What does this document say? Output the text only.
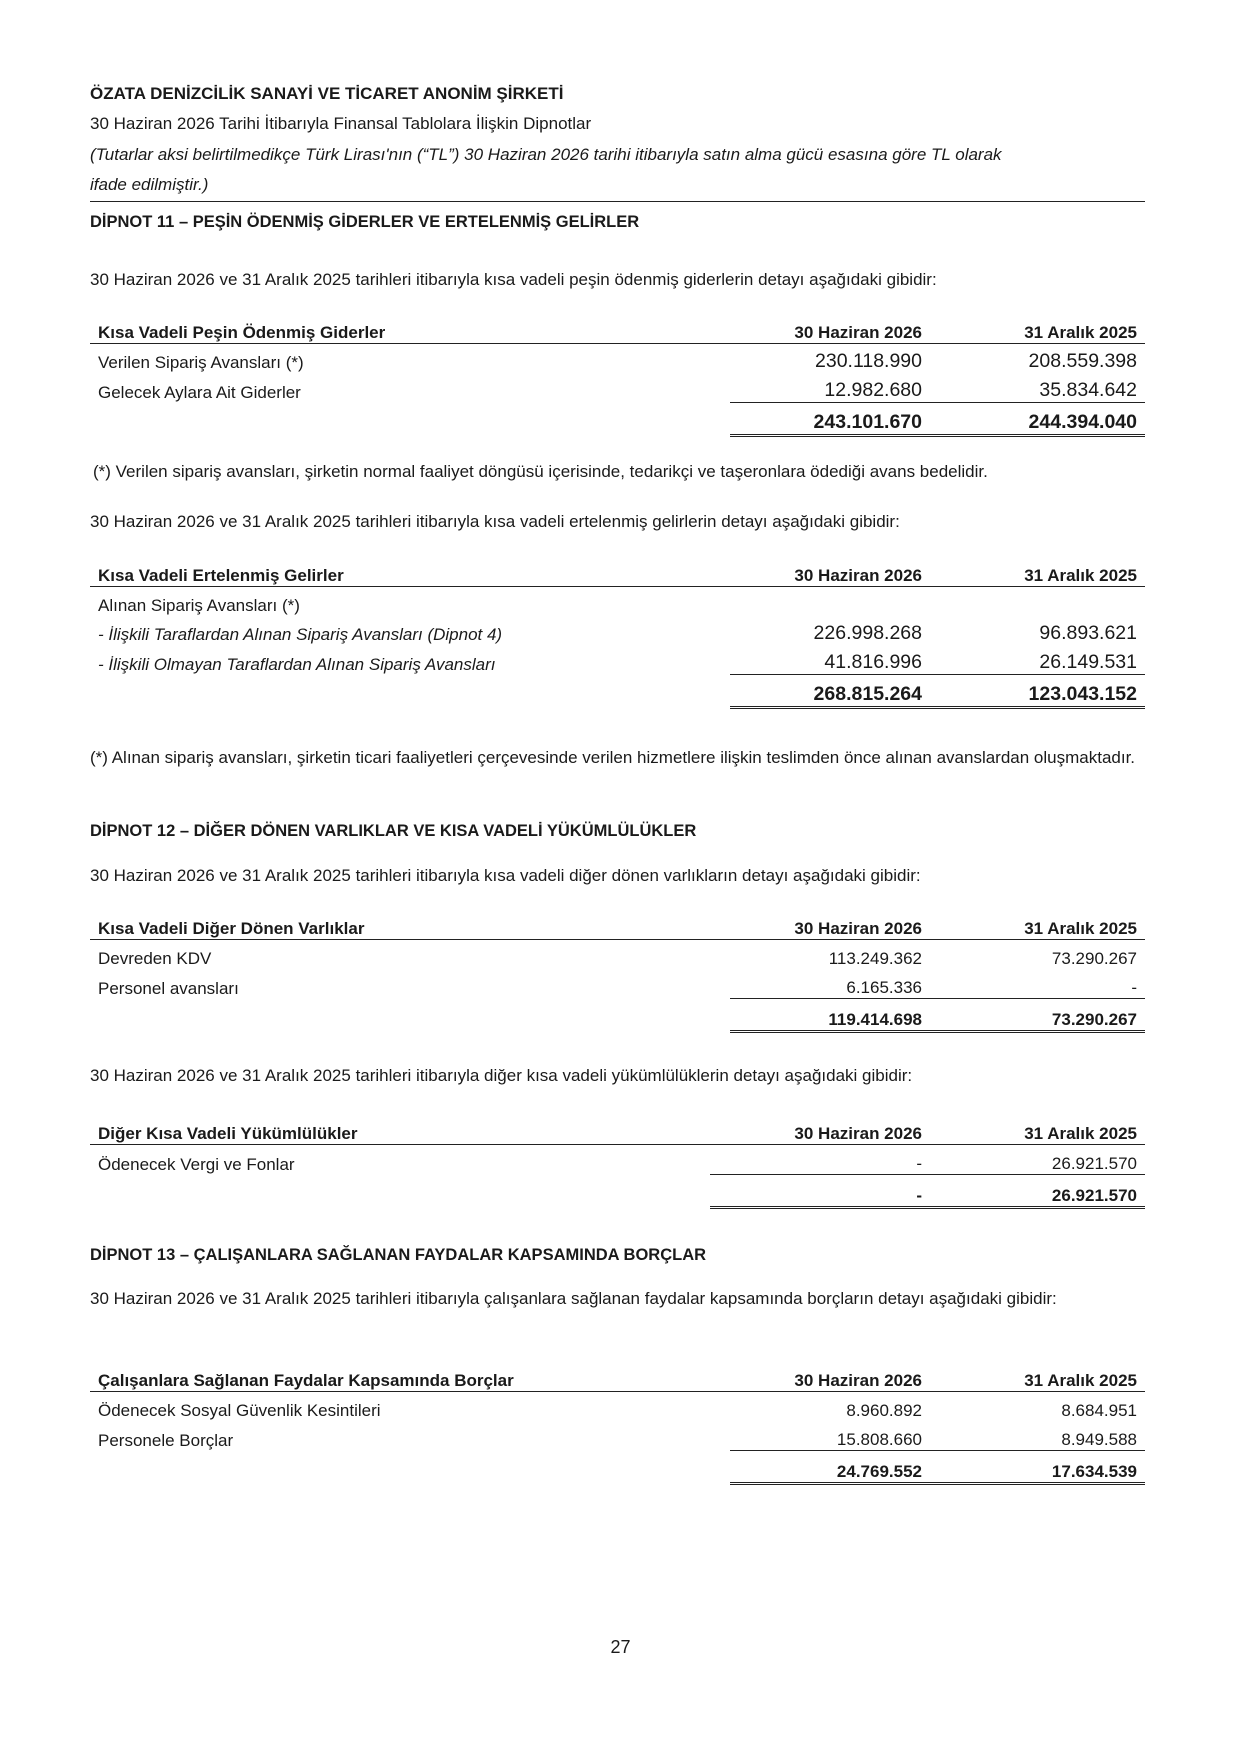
ÖZATA DENİZCİLİK SANAYİ VE TİCARET ANONİM ŞİRKETİ
30 Haziran 2026 Tarihi İtibarıyla Finansal Tablolara İlişkin Dipnotlar
(Tutarlar aksi belirtilmedikçe Türk Lirası'nın (“TL”) 30 Haziran 2026 tarihi itibarıyla satın alma gücü esasına göre TL olarak
ifade edilmiştir.)
DİPNOT 11 – PEŞİN ÖDENMİŞ GİDERLER VE ERTELENMİŞ GELİRLER
30 Haziran 2026 ve 31 Aralık 2025 tarihleri itibarıyla kısa vadeli peşin ödenmiş giderlerin detayı aşağıdaki gibidir:
Kısa Vadeli Peşin Ödenmiş Giderler	30 Haziran 2026	31 Aralık 2025
Verilen Sipariş Avansları (*)	230.118.990	208.559.398
Gelecek Aylara Ait Giderler	12.982.680	35.834.642
	243.101.670	244.394.040
(*) Verilen sipariş avansları, şirketin normal faaliyet döngüsü içerisinde, tedarikçi ve taşeronlara ödediği avans bedelidir.
30 Haziran 2026 ve 31 Aralık 2025 tarihleri itibarıyla kısa vadeli ertelenmiş gelirlerin detayı aşağıdaki gibidir:
Kısa Vadeli Ertelenmiş Gelirler	30 Haziran 2026	31 Aralık 2025
Alınan Sipariş Avansları (*)		
- İlişkili Taraflardan Alınan Sipariş Avansları (Dipnot 4)	226.998.268	96.893.621
- İlişkili Olmayan Taraflardan Alınan Sipariş Avansları	41.816.996	26.149.531
	268.815.264	123.043.152
(*) Alınan sipariş avansları, şirketin ticari faaliyetleri çerçevesinde verilen hizmetlere ilişkin teslimden önce alınan avanslardan oluşmaktadır.
DİPNOT 12 – DİĞER DÖNEN VARLIKLAR VE KISA VADELİ YÜKÜMLÜLÜKLER
30 Haziran 2026 ve 31 Aralık 2025 tarihleri itibarıyla kısa vadeli diğer dönen varlıkların detayı aşağıdaki gibidir:
Kısa Vadeli Diğer Dönen Varlıklar	30 Haziran 2026	31 Aralık 2025
Devreden KDV	113.249.362	73.290.267
Personel avansları	6.165.336	-
	119.414.698	73.290.267
30 Haziran 2026 ve 31 Aralık 2025 tarihleri itibarıyla diğer kısa vadeli yükümlülüklerin detayı aşağıdaki gibidir:
Diğer Kısa Vadeli Yükümlülükler	30 Haziran 2026	31 Aralık 2025
Ödenecek Vergi ve Fonlar	-	26.921.570
	-	26.921.570
DİPNOT 13 – ÇALIŞANLARA SAĞLANAN FAYDALAR KAPSAMINDA BORÇLAR
30 Haziran 2026 ve 31 Aralık 2025 tarihleri itibarıyla çalışanlara sağlanan faydalar kapsamında borçların detayı aşağıdaki gibidir:
Çalışanlara Sağlanan Faydalar Kapsamında Borçlar	30 Haziran 2026	31 Aralık 2025
Ödenecek Sosyal Güvenlik Kesintileri	8.960.892	8.684.951
Personele Borçlar	15.808.660	8.949.588
	24.769.552	17.634.539
27
